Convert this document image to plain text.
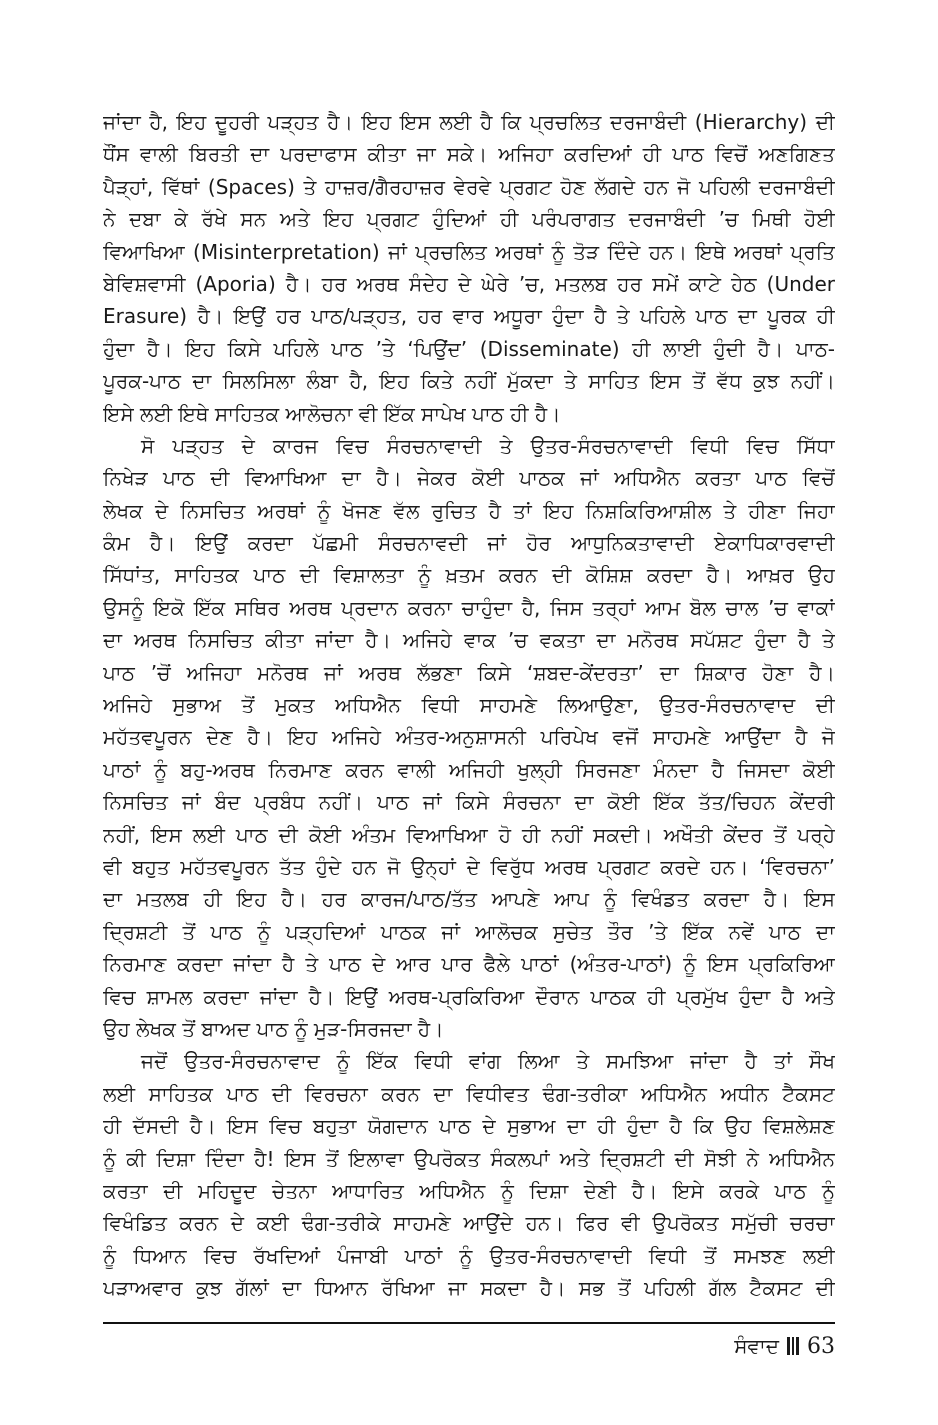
ਜਾਂਦਾ ਹੈ, ਇਹ ਦੂਹਰੀ ਪੜ੍ਹਤ ਹੈ। ਇਹ ਇਸ ਲਈ ਹੈ ਕਿ ਪ੍ਰਚਲਿਤ ਦਰਜਾਬੰਦੀ (Hierarchy) ਦੀ
ਧੌਂਸ ਵਾਲੀ ਬਿਰਤੀ ਦਾ ਪਰਦਾਫਾਸ ਕੀਤਾ ਜਾ ਸਕੇ। ਅਜਿਹਾ ਕਰਦਿਆਂ ਹੀ ਪਾਠ ਵਿਚੋਂ ਅਣਗਿਣਤ
ਪੈੜ੍ਹਾਂ, ਵਿੱਥਾਂ (Spaces) ਤੇ ਹਾਜ਼ਰ/ਗੈਰਹਾਜ਼ਰ ਵੇਰਵੇ ਪ੍ਰਗਟ ਹੋਣ ਲੱਗਦੇ ਹਨ ਜੋ ਪਹਿਲੀ ਦਰਜਾਬੰਦੀ
ਨੇ ਦਬਾ ਕੇ ਰੱਖੇ ਸਨ ਅਤੇ ਇਹ ਪ੍ਰਗਟ ਹੁੰਦਿਆਂ ਹੀ ਪਰੰਪਰਾਗਤ ਦਰਜਾਬੰਦੀ ’ਚ ਮਿਥੀ ਹੋਈ
ਵਿਆਖਿਆ (Misinterpretation) ਜਾਂ ਪ੍ਰਚਲਿਤ ਅਰਥਾਂ ਨੂੰ ਤੋੜ ਦਿੰਦੇ ਹਨ। ਇਥੇ ਅਰਥਾਂ ਪ੍ਰਤਿ
ਬੇਵਿਸ਼ਵਾਸੀ (Aporia) ਹੈ। ਹਰ ਅਰਥ ਸੰਦੇਹ ਦੇ ਘੇਰੇ ’ਚ, ਮਤਲਬ ਹਰ ਸਮੇਂ ਕਾਟੇ ਹੇਠ (Under
Erasure) ਹੈ। ਇਉਂ ਹਰ ਪਾਠ/ਪੜ੍ਹਤ, ਹਰ ਵਾਰ ਅਧੂਰਾ ਹੁੰਦਾ ਹੈ ਤੇ ਪਹਿਲੇ ਪਾਠ ਦਾ ਪੂਰਕ ਹੀ
ਹੁੰਦਾ ਹੈ। ਇਹ ਕਿਸੇ ਪਹਿਲੇ ਪਾਠ ’ਤੇ ‘ਪਿਉਂਦ’ (Disseminate) ਹੀ ਲਾਈ ਹੁੰਦੀ ਹੈ। ਪਾਠ-
ਪੂਰਕ-ਪਾਠ ਦਾ ਸਿਲਸਿਲਾ ਲੰਬਾ ਹੈ, ਇਹ ਕਿਤੇ ਨਹੀਂ ਮੁੱਕਦਾ ਤੇ ਸਾਹਿਤ ਇਸ ਤੋਂ ਵੱਧ ਕੁਝ ਨਹੀਂ।
ਇਸੇ ਲਈ ਇਥੇ ਸਾਹਿਤਕ ਆਲੋਚਨਾ ਵੀ ਇੱਕ ਸਾਪੇਖ ਪਾਠ ਹੀ ਹੈ।
ਸੋ ਪੜ੍ਹਤ ਦੇ ਕਾਰਜ ਵਿਚ ਸੰਰਚਨਾਵਾਦੀ ਤੇ ਉਤਰ-ਸੰਰਚਨਾਵਾਦੀ ਵਿਧੀ ਵਿਚ ਸਿੱਧਾ
ਨਿਖੇੜ ਪਾਠ ਦੀ ਵਿਆਖਿਆ ਦਾ ਹੈ। ਜੇਕਰ ਕੋਈ ਪਾਠਕ ਜਾਂ ਅਧਿਐਨ ਕਰਤਾ ਪਾਠ ਵਿਚੋਂ
ਲੇਖਕ ਦੇ ਨਿਸਚਿਤ ਅਰਥਾਂ ਨੂੰ ਖੋਜਣ ਵੱਲ ਰੁਚਿਤ ਹੈ ਤਾਂ ਇਹ ਨਿਸ਼ਕਿਰਿਆਸ਼ੀਲ ਤੇ ਹੀਣਾ ਜਿਹਾ
ਕੰਮ ਹੈ। ਇਉਂ ਕਰਦਾ ਪੱਛਮੀ ਸੰਰਚਨਾਵਦੀ ਜਾਂ ਹੋਰ ਆਧੁਨਿਕਤਾਵਾਦੀ ਏਕਾਧਿਕਾਰਵਾਦੀ
ਸਿੱਧਾਂਤ, ਸਾਹਿਤਕ ਪਾਠ ਦੀ ਵਿਸ਼ਾਲਤਾ ਨੂੰ ਖ਼ਤਮ ਕਰਨ ਦੀ ਕੋਸ਼ਿਸ਼ ਕਰਦਾ ਹੈ। ਆਖ਼ਰ ਉਹ
ਉਸਨੂੰ ਇਕੋ ਇੱਕ ਸਥਿਰ ਅਰਥ ਪ੍ਰਦਾਨ ਕਰਨਾ ਚਾਹੁੰਦਾ ਹੈ, ਜਿਸ ਤਰ੍ਹਾਂ ਆਮ ਬੋਲ ਚਾਲ ’ਚ ਵਾਕਾਂ
ਦਾ ਅਰਥ ਨਿਸਚਿਤ ਕੀਤਾ ਜਾਂਦਾ ਹੈ। ਅਜਿਹੇ ਵਾਕ ’ਚ ਵਕਤਾ ਦਾ ਮਨੋਰਥ ਸਪੱਸ਼ਟ ਹੁੰਦਾ ਹੈ ਤੇ
ਪਾਠ ’ਚੋਂ ਅਜਿਹਾ ਮਨੋਰਥ ਜਾਂ ਅਰਥ ਲੱਭਣਾ ਕਿਸੇ ‘ਸ਼ਬਦ-ਕੇਂਦਰਤਾ’ ਦਾ ਸ਼ਿਕਾਰ ਹੋਣਾ ਹੈ।
ਅਜਿਹੇ ਸੁਭਾਅ ਤੋਂ ਮੁਕਤ ਅਧਿਐਨ ਵਿਧੀ ਸਾਹਮਣੇ ਲਿਆਉਣਾ, ਉਤਰ-ਸੰਰਚਨਾਵਾਦ ਦੀ
ਮਹੱਤਵਪੂਰਨ ਦੇਣ ਹੈ। ਇਹ ਅਜਿਹੇ ਅੰਤਰ-ਅਨੁਸ਼ਾਸਨੀ ਪਰਿਪੇਖ ਵਜੋਂ ਸਾਹਮਣੇ ਆਉਂਦਾ ਹੈ ਜੋ
ਪਾਠਾਂ ਨੂੰ ਬਹੁ-ਅਰਥ ਨਿਰਮਾਣ ਕਰਨ ਵਾਲੀ ਅਜਿਹੀ ਖੁਲ੍ਹੀ ਸਿਰਜਣਾ ਮੰਨਦਾ ਹੈ ਜਿਸਦਾ ਕੋਈ
ਨਿਸਚਿਤ ਜਾਂ ਬੰਦ ਪ੍ਰਬੰਧ ਨਹੀਂ। ਪਾਠ ਜਾਂ ਕਿਸੇ ਸੰਰਚਨਾ ਦਾ ਕੋਈ ਇੱਕ ਤੱਤ/ਚਿਹਨ ਕੇਂਦਰੀ
ਨਹੀਂ, ਇਸ ਲਈ ਪਾਠ ਦੀ ਕੋਈ ਅੰਤਮ ਵਿਆਖਿਆ ਹੋ ਹੀ ਨਹੀਂ ਸਕਦੀ। ਅਖੌਤੀ ਕੇਂਦਰ ਤੋਂ ਪਰ੍ਹੇ
ਵੀ ਬਹੁਤ ਮਹੱਤਵਪੂਰਨ ਤੱਤ ਹੁੰਦੇ ਹਨ ਜੋ ਉਨ੍ਹਾਂ ਦੇ ਵਿਰੁੱਧ ਅਰਥ ਪ੍ਰਗਟ ਕਰਦੇ ਹਨ। ‘ਵਿਰਚਨਾ’
ਦਾ ਮਤਲਬ ਹੀ ਇਹ ਹੈ। ਹਰ ਕਾਰਜ/ਪਾਠ/ਤੱਤ ਆਪਣੇ ਆਪ ਨੂੰ ਵਿਖੰਡਤ ਕਰਦਾ ਹੈ। ਇਸ
ਦ੍ਰਿਸ਼ਟੀ ਤੋਂ ਪਾਠ ਨੂੰ ਪੜ੍ਹਦਿਆਂ ਪਾਠਕ ਜਾਂ ਆਲੋਚਕ ਸੁਚੇਤ ਤੌਰ ’ਤੇ ਇੱਕ ਨਵੇਂ ਪਾਠ ਦਾ
ਨਿਰਮਾਣ ਕਰਦਾ ਜਾਂਦਾ ਹੈ ਤੇ ਪਾਠ ਦੇ ਆਰ ਪਾਰ ਫੈਲੇ ਪਾਠਾਂ (ਅੰਤਰ-ਪਾਠਾਂ) ਨੂੰ ਇਸ ਪ੍ਰਕਿਰਿਆ
ਵਿਚ ਸ਼ਾਮਲ ਕਰਦਾ ਜਾਂਦਾ ਹੈ। ਇਉਂ ਅਰਥ-ਪ੍ਰਕਿਰਿਆ ਦੌਰਾਨ ਪਾਠਕ ਹੀ ਪ੍ਰਮੁੱਖ ਹੁੰਦਾ ਹੈ ਅਤੇ
ਉਹ ਲੇਖਕ ਤੋਂ ਬਾਅਦ ਪਾਠ ਨੂੰ ਮੁੜ-ਸਿਰਜਦਾ ਹੈ।
ਜਦੋਂ ਉਤਰ-ਸੰਰਚਨਾਵਾਦ ਨੂੰ ਇੱਕ ਵਿਧੀ ਵਾਂਗ ਲਿਆ ਤੇ ਸਮਝਿਆ ਜਾਂਦਾ ਹੈ ਤਾਂ ਸੌਖ
ਲਈ ਸਾਹਿਤਕ ਪਾਠ ਦੀ ਵਿਰਚਨਾ ਕਰਨ ਦਾ ਵਿਧੀਵਤ ਢੰਗ-ਤਰੀਕਾ ਅਧਿਐਨ ਅਧੀਨ ਟੈਕਸਟ
ਹੀ ਦੱਸਦੀ ਹੈ। ਇਸ ਵਿਚ ਬਹੁਤਾ ਯੋਗਦਾਨ ਪਾਠ ਦੇ ਸੁਭਾਅ ਦਾ ਹੀ ਹੁੰਦਾ ਹੈ ਕਿ ਉਹ ਵਿਸ਼ਲੇਸ਼ਣ
ਨੂੰ ਕੀ ਦਿਸ਼ਾ ਦਿੰਦਾ ਹੈ! ਇਸ ਤੋਂ ਇਲਾਵਾ ਉਪਰੋਕਤ ਸੰਕਲਪਾਂ ਅਤੇ ਦ੍ਰਿਸ਼ਟੀ ਦੀ ਸੋਝੀ ਨੇ ਅਧਿਐਨ
ਕਰਤਾ ਦੀ ਮਹਿਦੂਦ ਚੇਤਨਾ ਆਧਾਰਿਤ ਅਧਿਐਨ ਨੂੰ ਦਿਸ਼ਾ ਦੇਣੀ ਹੈ। ਇਸੇ ਕਰਕੇ ਪਾਠ ਨੂੰ
ਵਿਖੰਡਿਤ ਕਰਨ ਦੇ ਕਈ ਢੰਗ-ਤਰੀਕੇ ਸਾਹਮਣੇ ਆਉਂਦੇ ਹਨ। ਫਿਰ ਵੀ ਉਪਰੋਕਤ ਸਮੁੱਚੀ ਚਰਚਾ
ਨੂੰ ਧਿਆਨ ਵਿਚ ਰੱਖਦਿਆਂ ਪੰਜਾਬੀ ਪਾਠਾਂ ਨੂੰ ਉਤਰ-ਸੰਰਚਨਾਵਾਦੀ ਵਿਧੀ ਤੋਂ ਸਮਝਣ ਲਈ
ਪੜਾਅਵਾਰ ਕੁਝ ਗੱਲਾਂ ਦਾ ਧਿਆਨ ਰੱਖਿਆ ਜਾ ਸਕਦਾ ਹੈ। ਸਭ ਤੋਂ ਪਹਿਲੀ ਗੱਲ ਟੈਕਸਟ ਦੀ
ਸੰਵਾਦ 63
